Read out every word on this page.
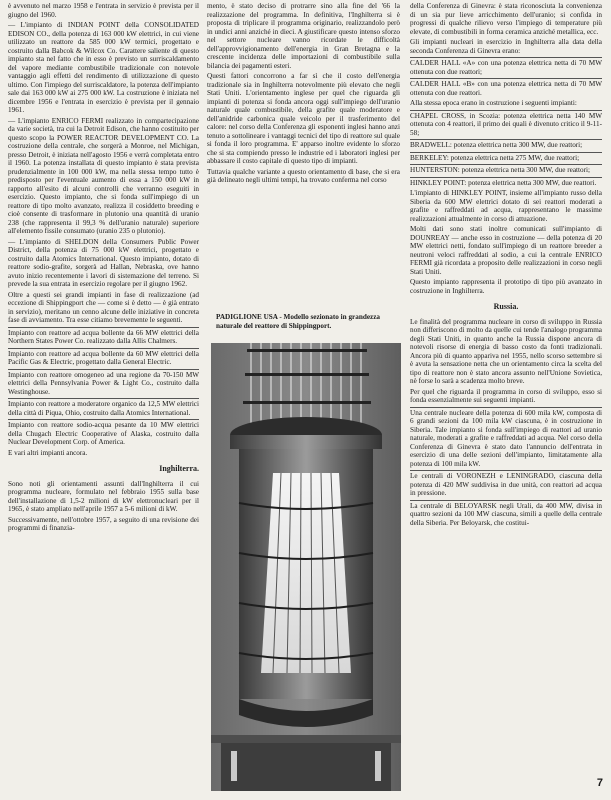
è avvenuto nel marzo 1958 e l'entrata in servizio è prevista per il giugno del 1960.

— L'impianto di INDIAN POINT della CONSOLIDATED EDISON CO., della potenza di 163 000 kW elettrici, in cui viene utilizzato un reattore da 585 000 kW termici, progettato e costruito dalla Babcok & Wilcox Co. Carattere saliente di questo impianto sta nel fatto che in esso è previsto un surriscaldamento del vapore mediante combustibile tradizionale con notevole vantaggio agli effetti del rendimento di utilizzazione di questo ultimo. Con l'impiego del surriscaldatore, la potenza dell'impianto sale dai 163 000 kW ai 275 000 kW. La costruzione è iniziata nel dicembre 1956 e l'entrata in esercizio è prevista per il gennaio 1961.

— L'impianto ENRICO FERMI realizzato in compartecipazione da varie società, tra cui la Detroit Edison, che hanno costituito per questo scopo la POWER REACTOR DEVELOPMENT CO. La costruzione della centrale, che sorgerà a Monroe, nel Michigan, presso Detroit, è iniziata nell'agosto 1956 e verrà completata entro il 1960. La potenza installata di questo impianto è stata prevista prudenzialmente in 100 000 kW, ma nella stessa tempo tutto è predisposto per l'eventuale aumento di essa a 150 000 kW in rapporto all'esito di alcuni controlli che verranno eseguiti in esercizio. Questo impianto, che si fonda sull'impiego di un reattore di tipo molto avanzato, realizza il cosiddetto breeding e cioè consente di trasformare in plutonio una quantità di uranio 238 (che rappresenta il 99,3 % dell'uranio naturale) superiore all'elemento fissile consumato (uranio 235 o plutonio).

— L'impianto di SHELDON della Consumers Public Power District, della potenza di 75 000 kW elettrici, progettato e costruito dalla Atomics International. Questo impianto, dotato di reattore sodio-grafite, sorgerà ad Hallan, Nebraska, ove hanno avuto inizio recentemente i lavori di sistemazione del terreno. Si prevede la sua entrata in esercizio regolare per il giugno 1962.

Oltre a questi sei grandi impianti in fase di realizzazione (ad eccezione di Shippingport che — come si è detto — è già entrato in servizio), meritano un cenno alcune delle iniziative in concreta fase di avviamento. Tra esse citiamo brevemente le seguenti.

Impianto con reattore ad acqua bollente da 66 MW elettrici della Northern States Power Co. realizzato dalla Allis Chalmers.

Impianto con reattore ad acqua bollente da 60 MW elettrici della Pacific Gas & Electric, progettato dalla General Electric.

Impianto con reattore omogeneo ad una regione da 70-150 MW elettrici della Pennsylvania Power & Light Co., costruito dalla Westinghouse.

Impianto con reattore a moderatore organico da 12,5 MW elettrici della città di Piqua, Ohio, costruito dalla Atomics International.

Impianto con reattore sodio-acqua pesante da 10 MW elettrici della Chugach Electric Cooperative of Alaska, costruito dalla Nuclear Development Corp. of America.

E vari altri impianti ancora.

Inghilterra.

Sono noti gli orientamenti assunti dall'Inghilterra il cui programma nucleare, formulato nel febbraio 1955 sulla base dell'installazione di 1,5-2 milioni di kW elettronucleari per il 1965, è stato ampliato nell'aprile 1957 a 5-6 milioni di kW.

Successivamente, nell'ottobre 1957, a seguito di una revisione dei programmi di finanzia-

mento, è stato deciso di protrarre sino alla fine del '66 la realizzazione del programma. In definitiva, l'Inghilterra si è proposta di triplicare il programma originario, realizzandolo però in undici anni anziché in dieci. A giustificare questo intenso sforzo nel settore nucleare vanno ricordate le difficoltà dell'approvvigionamento dell'energia in Gran Bretagna e la crescente incidenza delle importazioni di combustibile sulla bilancia dei pagamenti esteri.

Questi fattori concorrono a far sì che il costo dell'energia tradizionale sia in Inghilterra notevolmente più elevato che negli Stati Uniti. L'orientamento inglese per quel che riguarda gli impianti di potenza si fonda ancora oggi sull'impiego dell'uranio naturale quale combustibile, della grafite quale moderatore e dell'anidride carbonica quale veicolo per il trasferimento del calore: nel corso della Conferenza gli esponenti inglesi hanno anzi tenuto a sottolineare i vantaggi tecnici del tipo di reattore sul quale si fonda il loro programma. E' apparso inoltre evidente lo sforzo che si sta compiendo presso le industrie ed i laboratori inglesi per abbassare il costo capitale di questo tipo di impianti.

Tuttavia qualche variante a questo orientamento di base, che si era già delineato negli ultimi tempi, ha trovato conferma nel corso

PADIGLIONE USA - Modello sezionato in grandezza naturale del reattore di Shippingport.

della Conferenza di Ginevra: è stata riconosciuta la convenienza di un sia pur lieve arricchimento dell'uranio; si confida in progressi di qualche rilievo verso l'impiego di temperature più elevate, di combustibili in forma ceramica anziché metallica, ecc.

Gli impianti nucleari in esercizio in Inghilterra alla data della seconda Conferenza di Ginevra erano:

CALDER HALL «A» con una potenza elettrica netta di 70 MW ottenuta con due reattori;

CALDER HALL «B» con una potenza elettrica netta di 70 MW ottenuta con due reattori.

Alla stessa epoca erano in costruzione i seguenti impianti:

CHAPEL CROSS, in Scozia: potenza elettrica netta 140 MW ottenuta con 4 reattori, il primo dei quali è divenuto critico il 9-11-58;

BRADWELL: potenza elettrica netta 300 MW, due reattori;

BERKELEY: potenza elettrica netta 275 MW, due reattori;

HUNTERSTON: potenza elettrica netta 300 MW, due reattori;

HINKLEY POINT: potenza elettrica netta 300 MW, due reattori.

L'impianto di HINKLEY POINT, insieme all'impianto russo della Siberia da 600 MW elettrici dotato di sei reattori moderati a grafite e raffreddati ad acqua, rappresentano le massime realizzazioni attualmente in corso di attuazione.

Molti dati sono stati inoltre comunicati sull'impianto di DOUNREAY — anche esso in costruzione — della potenza di 20 MW elettrici netti, fondato sull'impiego di un reattore breeder a neutroni veloci raffreddati al sodio, a cui la centrale ENRICO FERMI già ricordata a proposito delle realizzazioni in corso negli Stati Uniti.

Questo impianto rappresenta il prototipo di tipo più avanzato in costruzione in Inghilterra.

Russia.

Le finalità del programma nucleare in corso di sviluppo in Russia non differiscono di molto da quelle cui tende l'analogo programma degli Stati Uniti, in quanto anche la Russia dispone ancora di notevoli risorse di energia di basso costo da fonti tradizionali. Ancora più di quanto appariva nel 1955, nello scorso settembre si è avuta la sensazione netta che un orientamento circa la scelta del tipo di reattore non è stato ancora assunto nell'Unione Sovietica, nè forse lo sarà a scadenza molto breve.

Per quel che riguarda il programma in corso di sviluppo, esso si fonda essenzialmente sui seguenti impianti.

Una centrale nucleare della potenza di 600 mila kW, composta di 6 grandi sezioni da 100 mila kW ciascuna, è in costruzione in Siberia. Tale impianto si fonda sull'impiego di reattori ad uranio naturale, moderati a grafite e raffreddati ad acqua. Nel corso della Conferenza di Ginevra è stato dato l'annuncio dell'entrata in esercizio di una delle sezioni dell'impianto, limitatamente alla potenza di 100 mila kW.

Le centrali di VORONEZH e LENINGRADO, ciascuna della potenza di 420 MW suddivisa in due unità, con reattori ad acqua in pressione.

La centrale di BELOYARSK negli Urali, da 400 MW, divisa in quattro sezioni da 100 MW ciascuna, simili a quelle della centrale della Siberia. Per Beloyarsk, che costitui-

7
